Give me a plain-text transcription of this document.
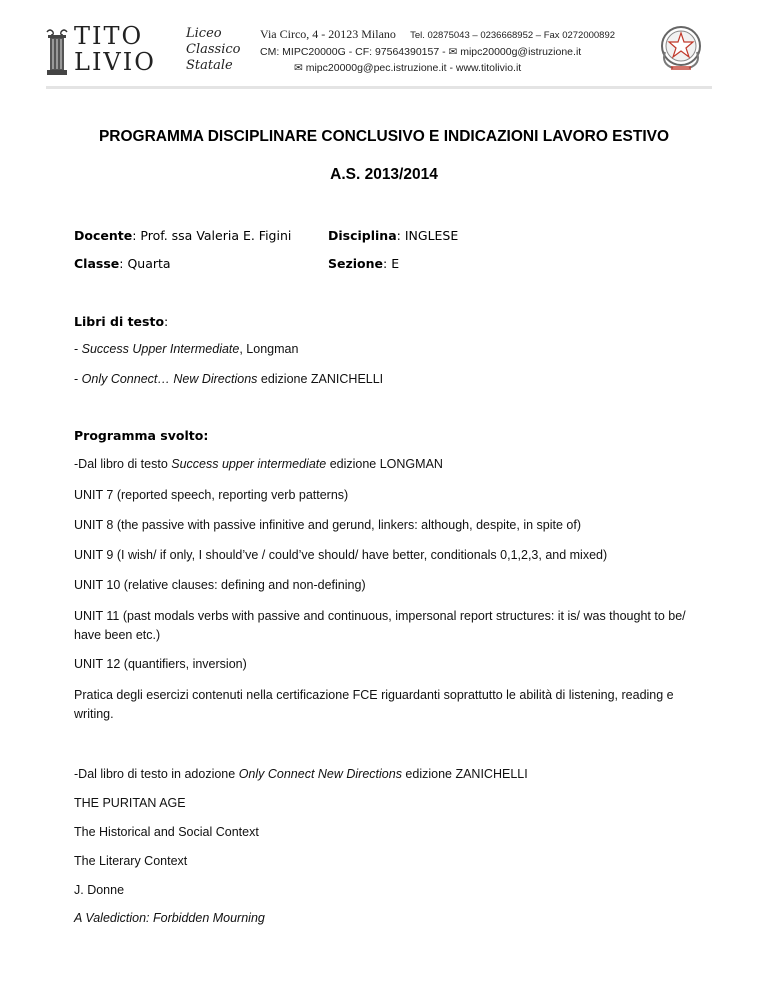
TITO
LIVIO
Liceo
Classico
Statale
Via Circo, 4 - 20123 Milano Tel. 02875043 – 0236668952 – Fax 0272000892
CM: MIPC20000G - CF: 97564390157 - ✉ mipc20000g@istruzione.it
✉ mipc20000g@pec.istruzione.it - www.titolivio.it
PROGRAMMA DISCIPLINARE CONCLUSIVO E INDICAZIONI LAVORO ESTIVO
A.S. 2013/2014
Docente: Prof. ssa Valeria E. Figini	Disciplina: INGLESE
Classe: Quarta	Sezione: E
Libri di testo:
- Success Upper Intermediate, Longman
- Only Connect… New Directions edizione ZANICHELLI
Programma svolto:
-Dal libro di testo Success upper intermediate edizione LONGMAN
UNIT 7 (reported speech, reporting verb patterns)
UNIT 8 (the passive with passive infinitive and gerund, linkers: although, despite, in spite of)
UNIT 9 (I wish/ if only, I should’ve / could’ve should/ have better, conditionals 0,1,2,3, and mixed)
UNIT 10 (relative clauses: defining and non-defining)
UNIT 11 (past modals verbs with passive and continuous, impersonal report structures: it is/ was thought to be/ have been etc.)
UNIT 12 (quantifiers, inversion)
Pratica degli esercizi contenuti nella certificazione FCE riguardanti soprattutto le abilità di listening, reading e writing.
-Dal libro di testo in adozione Only Connect New Directions edizione ZANICHELLI
THE PURITAN AGE
The Historical and Social Context
The Literary Context
J. Donne
A Valediction: Forbidden Mourning
